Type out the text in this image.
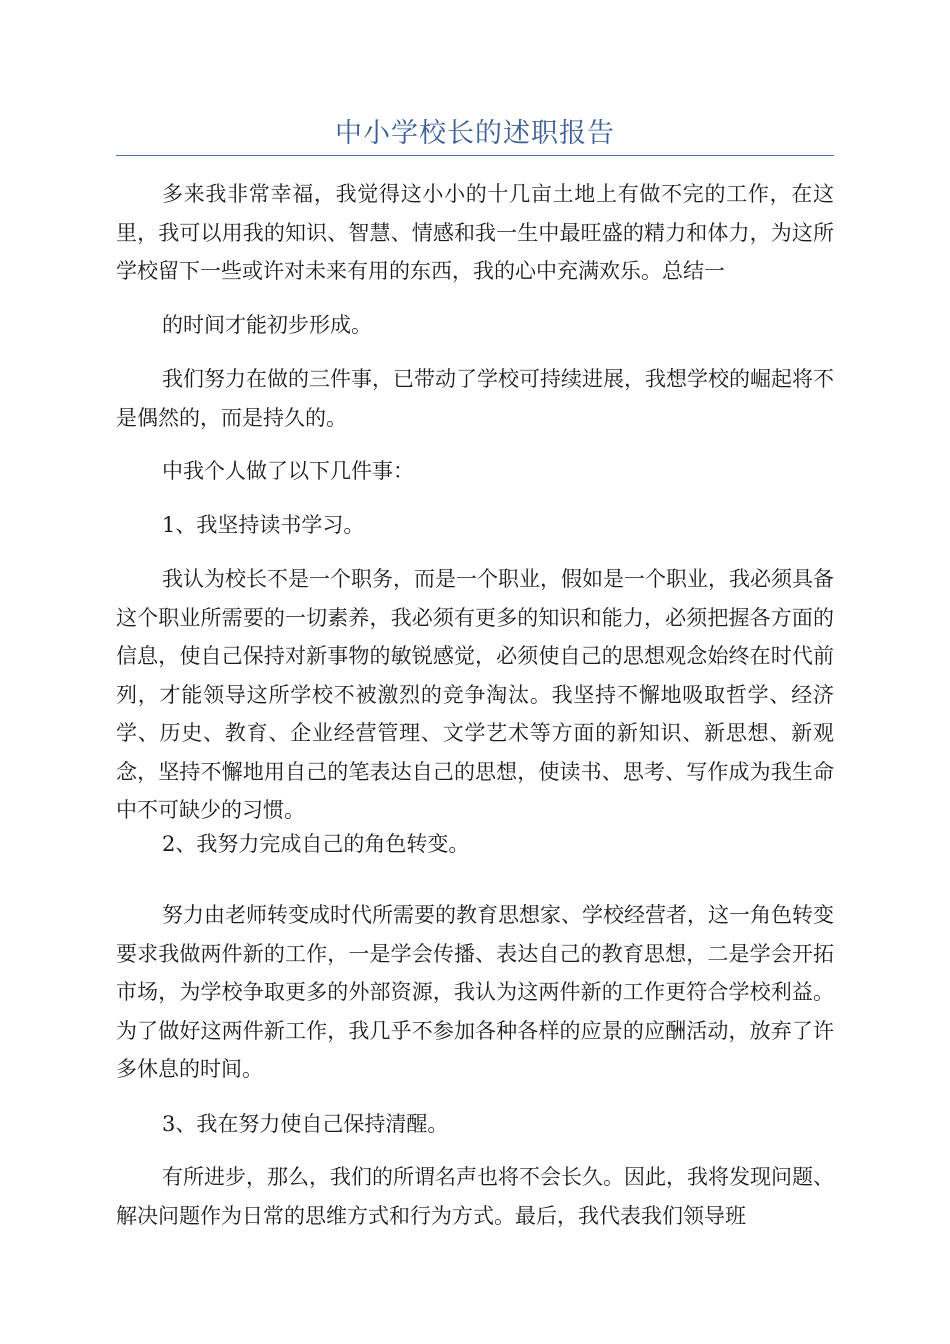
中小学校长的述职报告

多来我非常幸福，我觉得这小小的十几亩土地上有做不完的工作，在这里，我可以用我的知识、智慧、情感和我一生中最旺盛的精力和体力，为这所学校留下一些或许对未来有用的东西，我的心中充满欢乐。总结一

的时间才能初步形成。

我们努力在做的三件事，已带动了学校可持续进展，我想学校的崛起将不是偶然的，而是持久的。

中我个人做了以下几件事：

1、我坚持读书学习。

我认为校长不是一个职务，而是一个职业，假如是一个职业，我必须具备这个职业所需要的一切素养，我必须有更多的知识和能力，必须把握各方面的信息，使自己保持对新事物的敏锐感觉，必须使自己的思想观念始终在时代前列，才能领导这所学校不被激烈的竞争淘汰。我坚持不懈地吸取哲学、经济学、历史、教育、企业经营管理、文学艺术等方面的新知识、新思想、新观念，坚持不懈地用自己的笔表达自己的思想，使读书、思考、写作成为我生命中不可缺少的习惯。

2、我努力完成自己的角色转变。

努力由老师转变成时代所需要的教育思想家、学校经营者，这一角色转变要求我做两件新的工作，一是学会传播、表达自己的教育思想，二是学会开拓市场，为学校争取更多的外部资源，我认为这两件新的工作更符合学校利益。为了做好这两件新工作，我几乎不参加各种各样的应景的应酬活动，放弃了许多休息的时间。

3、我在努力使自己保持清醒。

有所进步，那么，我们的所谓名声也将不会长久。因此，我将发现问题、解决问题作为日常的思维方式和行为方式。最后，我代表我们领导班
